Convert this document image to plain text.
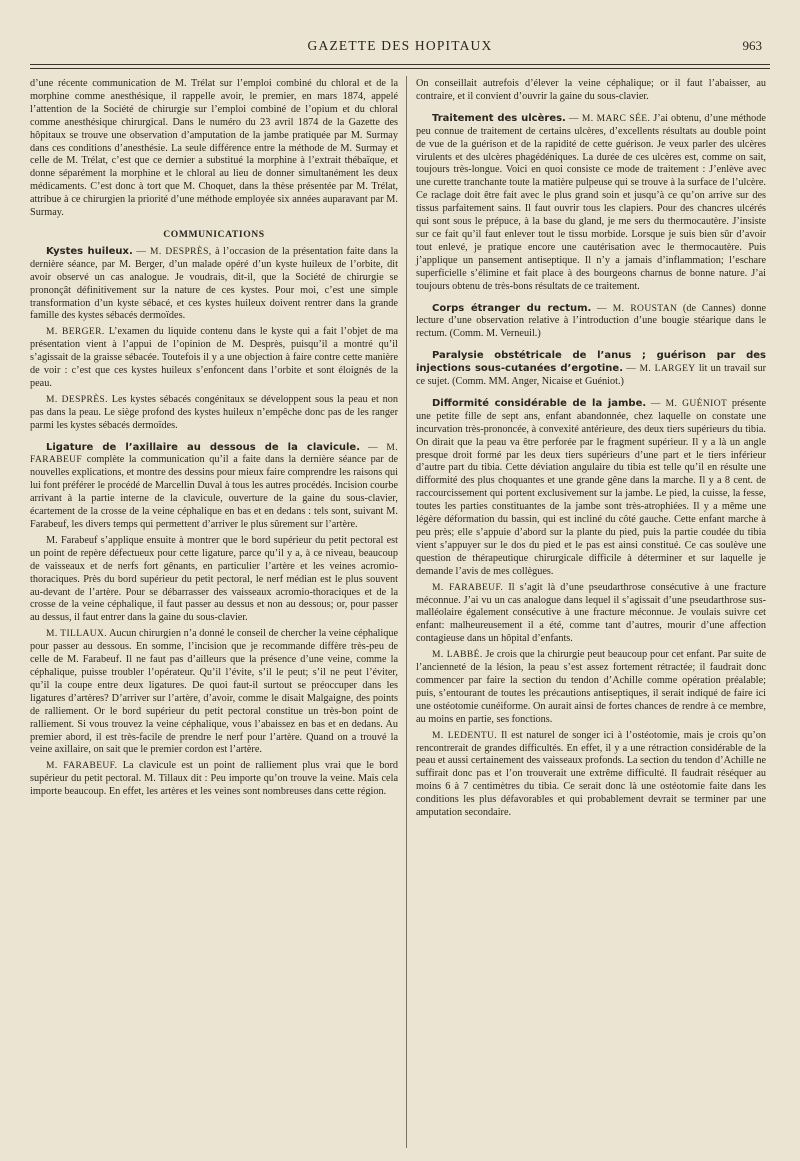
GAZETTE DES HOPITAUX	963

d’une récente communication de M. Trélat sur l’emploi combiné du chloral et de la morphine comme anesthésique, il rappelle avoir, le premier, en mars 1874, appelé l’attention de la Société de chirurgie sur l’emploi combiné de l’opium et du chloral comme anesthésique chirurgical. Dans le numéro du 23 avril 1874 de la Gazette des hôpitaux se trouve une observation d’amputation de la jambe pratiquée par M. Surmay dans ces conditions d’anesthésie. La seule différence entre la méthode de M. Surmay et celle de M. Trélat, c’est que ce dernier a substitué la morphine à l’extrait thébaïque, et donne séparément la morphine et le chloral au lieu de donner simultanément les deux médicaments. C’est donc à tort que M. Choquet, dans la thèse présentée par M. Trélat, attribue à ce chirurgien la priorité d’une méthode employée six années auparavant par M. Surmay.

COMMUNICATIONS

Kystes huileux. — M. DESPRÈS, à l’occasion de la présentation faite dans la dernière séance, par M. Berger, d’un malade opéré d’un kyste huileux de l’orbite, dit avoir observé un cas analogue. Je voudrais, dit-il, que la Société de chirurgie se prononçât définitivement sur la nature de ces kystes. Pour moi, c’est une simple transformation d’un kyste sébacé, et ces kystes huileux doivent rentrer dans la grande famille des kystes sébacés dermoïdes.

M. BERGER. L’examen du liquide contenu dans le kyste qui a fait l’objet de ma présentation vient à l’appui de l’opinion de M. Desprès, puisqu’il a montré qu’il s’agissait de la graisse sébacée. Toutefois il y a une objection à faire contre cette manière de voir : c’est que ces kystes huileux s’enfoncent dans l’orbite et sont éloignés de la peau.

M. DESPRÈS. Les kystes sébacés congénitaux se développent sous la peau et non pas dans la peau. Le siège profond des kystes huileux n’empêche donc pas de les ranger parmi les kystes sébacés dermoïdes.

Ligature de l’axillaire au dessous de la clavicule. — M. FARABEUF complète la communication qu’il a faite dans la dernière séance par de nouvelles explications, et montre des dessins pour mieux faire comprendre les raisons qui lui font préférer le procédé de Marcellin Duval à tous les autres procédés. Incision courbe arrivant à la partie interne de la clavicule, ouverture de la gaine du sous-clavier, écartement de la crosse de la veine céphalique en bas et en dedans : tels sont, suivant M. Farabeuf, les divers temps qui permettent d’arriver le plus sûrement sur l’artère.

M. Farabeuf s’applique ensuite à montrer que le bord supérieur du petit pectoral est un point de repère défectueux pour cette ligature, parce qu’il y a, à ce niveau, beaucoup de vaisseaux et de nerfs fort gênants, en particulier l’artère et les veines acromio-thoraciques. Près du bord supérieur du petit pectoral, le nerf médian est le plus souvent au-devant de l’artère. Pour se débarrasser des vaisseaux acromio-thoraciques et de la crosse de la veine céphalique, il faut passer au dessus et non au dessous; or, pour passer au dessus, il faut entrer dans la gaine du sous-clavier.

M. TILLAUX. Aucun chirurgien n’a donné le conseil de chercher la veine céphalique pour passer au dessous. En somme, l’incision que je recommande diffère très-peu de celle de M. Farabeuf. Il ne faut pas d’ailleurs que la présence d’une veine, comme la céphalique, puisse troubler l’opérateur. Qu’il l’évite, s’il le peut; s’il ne peut l’éviter, qu’il la coupe entre deux ligatures. De quoi faut-il surtout se préoccuper dans les ligatures d’artères? D’arriver sur l’artère, d’avoir, comme le disait Malgaigne, des points de ralliement. Or le bord supérieur du petit pectoral constitue un très-bon point de ralliement. Si vous trouvez la veine céphalique, vous l’abaissez en bas et en dedans. Au premier abord, il est très-facile de prendre le nerf pour l’artère. Quand on a trouvé la veine axillaire, on sait que le premier cordon est l’artère.

M. FARABEUF. La clavicule est un point de ralliement plus vrai que le bord supérieur du petit pectoral. M. Tillaux dit : Peu importe qu’on trouve la veine. Mais cela importe beaucoup. En effet, les artères et les veines sont nombreuses dans cette région.

On conseillait autrefois d’élever la veine céphalique; or il faut l’abaisser, au contraire, et il convient d’ouvrir la gaine du sous-clavier.

Traitement des ulcères. — M. MARC SÉE. J’ai obtenu, d’une méthode peu connue de traitement de certains ulcères, d’excellents résultats au double point de vue de la guérison et de la rapidité de cette guérison. Je veux parler des ulcères virulents et des ulcères phagédéniques. La durée de ces ulcères est, comme on sait, toujours très-longue. Voici en quoi consiste ce mode de traitement : J’enlève avec une curette tranchante toute la matière pulpeuse qui se trouve à la surface de l’ulcère. Ce raclage doit être fait avec le plus grand soin et jusqu’à ce qu’on arrive sur des tissus parfaitement sains. Il faut ouvrir tous les clapiers. Pour des chancres ulcérés qui sont sous le prépuce, à la base du gland, je me sers du thermocautère. J’insiste sur ce fait qu’il faut enlever tout le tissu morbide. Lorsque je suis bien sûr d’avoir tout enlevé, je pratique encore une cautérisation avec le thermocautère. Puis j’applique un pansement antiseptique. Il n’y a jamais d’inflammation; l’eschare superficielle s’élimine et fait place à des bourgeons charnus de bonne nature. J’ai toujours obtenu de très-bons résultats de ce traitement.

Corps étranger du rectum. — M. ROUSTAN (de Cannes) donne lecture d’une observation relative à l’introduction d’une bougie stéarique dans le rectum. (Comm. M. Verneuil.)

Paralysie obstétricale de l’anus ; guérison par des injections sous-cutanées d’ergotine. — M. LARGEY lit un travail sur ce sujet. (Comm. MM. Anger, Nicaise et Guéniot.)

Difformité considérable de la jambe. — M. GUÉNIOT présente une petite fille de sept ans, enfant abandonnée, chez laquelle on constate une incurvation très-prononcée, à convexité antérieure, des deux tiers supérieurs du tibia. On dirait que la peau va être perforée par le fragment supérieur. Il y a là un angle presque droit formé par les deux tiers supérieurs d’une part et le tiers inférieur d’autre part du tibia. Cette déviation angulaire du tibia est telle qu’il en résulte une difformité des plus choquantes et une grande gêne dans la marche. Il y a 8 cent. de raccourcissement qui portent exclusivement sur la jambe. Le pied, la cuisse, la fesse, toutes les parties constituantes de la jambe sont très-atrophiées. Il y a même une légère déformation du bassin, qui est incliné du côté gauche. Cette enfant marche à peu près; elle s’appuie d’abord sur la plante du pied, puis la partie coudée du tibia vient s’appuyer sur le dos du pied et le pas est ainsi constitué. Ce cas soulève une question de thérapeutique chirurgicale difficile à déterminer et sur laquelle je demande l’avis de mes collègues.

M. FARABEUF. Il s’agit là d’une pseudarthrose consécutive à une fracture méconnue. J’ai vu un cas analogue dans lequel il s’agissait d’une pseudarthrose sus-malléolaire également consécutive à une fracture méconnue. Je voulais suivre cet enfant: malheureusement il a été, comme tant d’autres, mourir d’une affection contagieuse dans un hôpital d’enfants.

M. LABBÉ. Je crois que la chirurgie peut beaucoup pour cet enfant. Par suite de l’ancienneté de la lésion, la peau s’est assez fortement rétractée; il faudrait donc commencer par faire la section du tendon d’Achille comme opération préalable; puis, s’entourant de toutes les précautions antiseptiques, il serait indiqué de faire ici une ostéotomie cunéiforme. On aurait ainsi de fortes chances de rendre à ce membre, au moins en partie, ses fonctions.

M. LEDENTU. Il est naturel de songer ici à l’ostéotomie, mais je crois qu’on rencontrerait de grandes difficultés. En effet, il y a une rétraction considérable de la peau et aussi certainement des vaisseaux profonds. La section du tendon d’Achille ne suffirait donc pas et l’on trouverait une extrême difficulté. Il faudrait réséquer au moins 6 à 7 centimètres du tibia. Ce serait donc là une ostéotomie faite dans les conditions les plus défavorables et qui probablement devrait se terminer par une amputation secondaire.
